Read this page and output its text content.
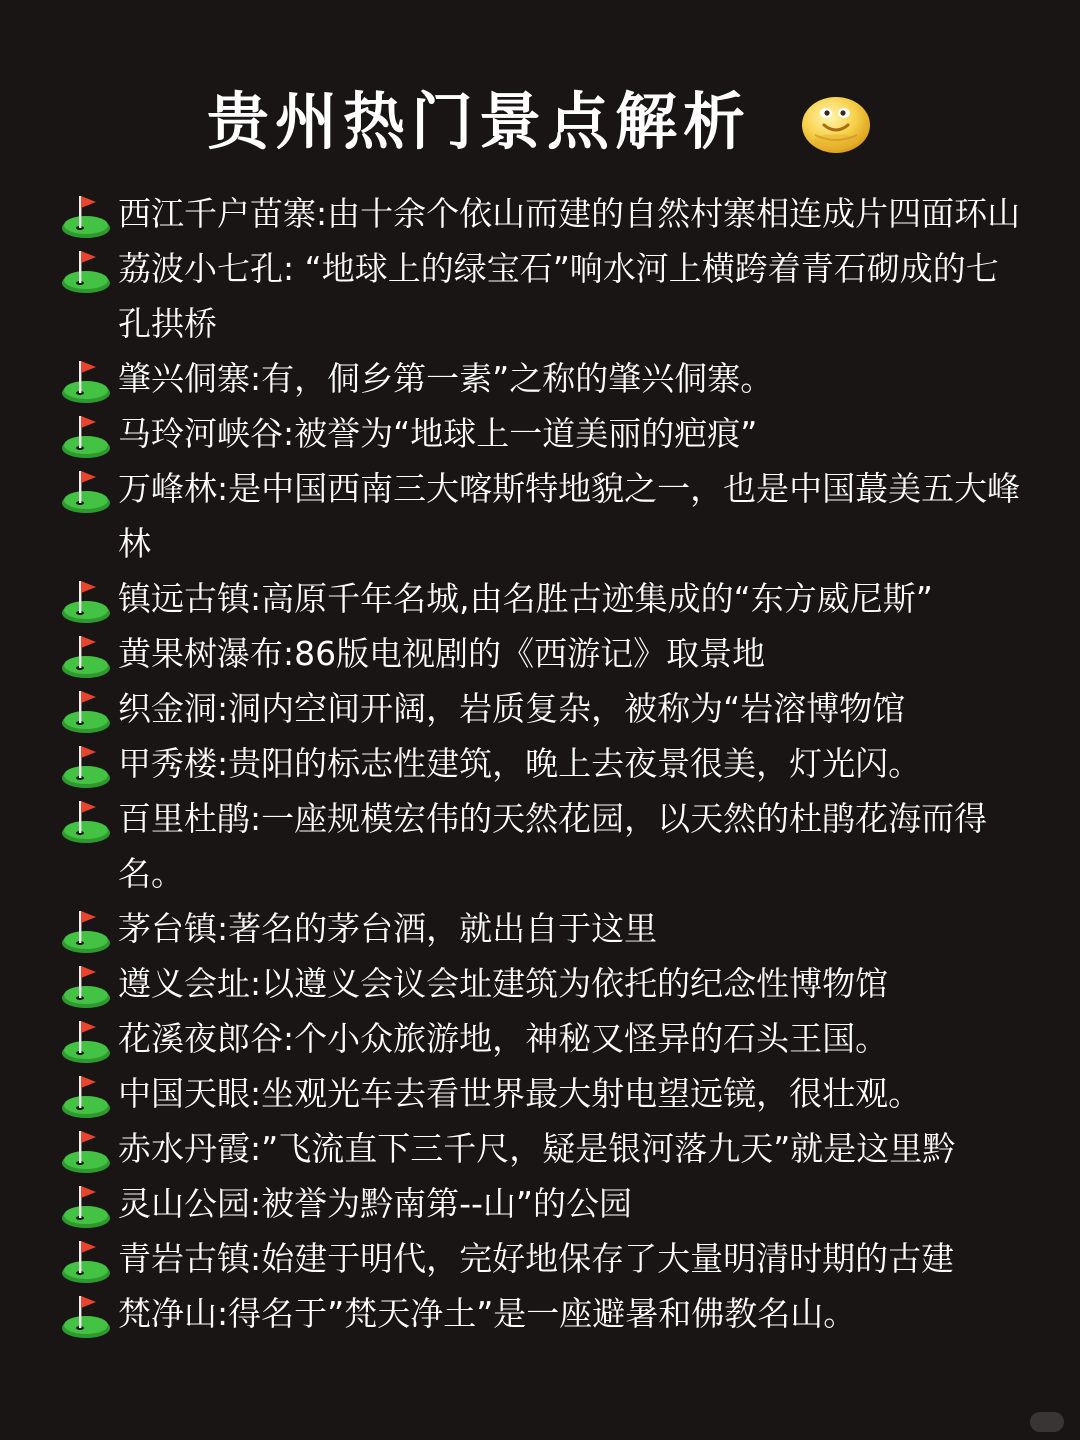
贵州热门景点解析
西江千户苗寨:由十余个依山而建的自然村寨相连成片四面环山
荔波小七孔: “地球上的绿宝石”响水河上横跨着青石砌成的七孔拱桥
肇兴侗寨:有，侗乡第一素”之称的肇兴侗寨。
马玲河峡谷:被誉为“地球上一道美丽的疤痕”
万峰林:是中国西南三大喀斯特地貌之一，也是中国蕞美五大峰林
镇远古镇:高原千年名城,由名胜古迹集成的“东方威尼斯”
黄果树瀑布:86版电视剧的《西游记》取景地
织金洞:洞内空间开阔，岩质复杂，被称为“岩溶博物馆
甲秀楼:贵阳的标志性建筑，晚上去夜景很美，灯光闪。
百里杜鹃:一座规模宏伟的天然花园，以天然的杜鹃花海而得名。
茅台镇:著名的茅台酒，就出自于这里
遵义会址:以遵义会议会址建筑为依托的纪念性博物馆
花溪夜郎谷:个小众旅游地，神秘又怪异的石头王国。
中国天眼:坐观光车去看世界最大射电望远镜，很壮观。
赤水丹霞:”飞流直下三千尺，疑是银河落九天”就是这里黔
灵山公园:被誉为黔南第--山”的公园
青岩古镇:始建于明代，完好地保存了大量明清时期的古建
梵净山:得名于”梵天净土”是一座避暑和佛教名山。
